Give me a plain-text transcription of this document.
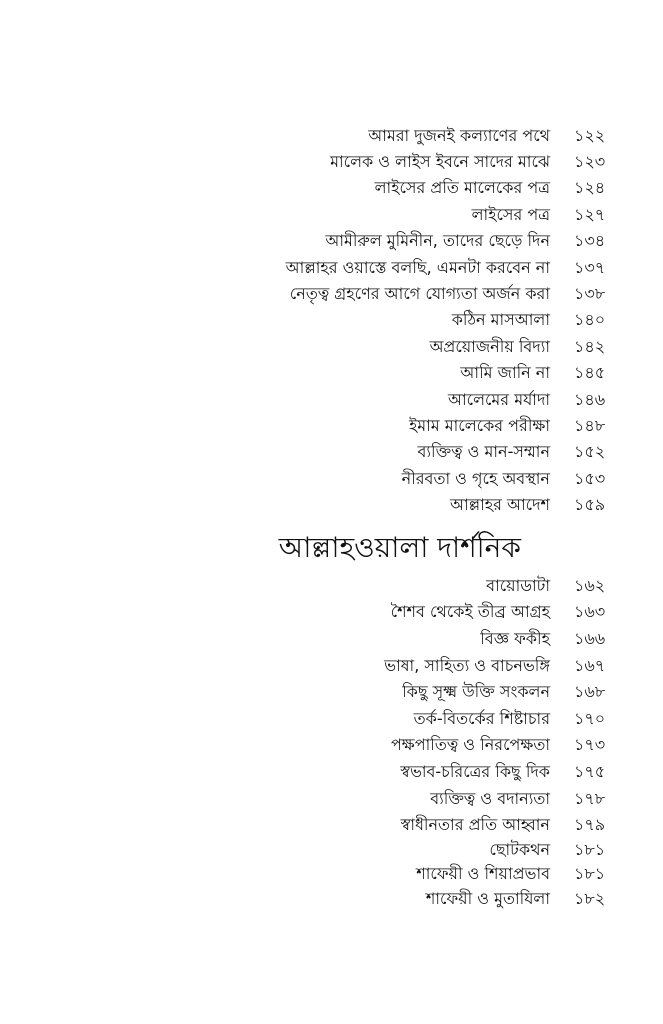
আমরা দুজনই কল্যাণের পথে	১২২
মালেক ও লাইস ইবনে সাদের মাঝে	১২৩
লাইসের প্রতি মালেকের পত্র	১২৪
লাইসের পত্র	১২৭
আমীরুল মুমিনীন, তাদের ছেড়ে দিন	১৩৪
আল্লাহর ওয়াস্তে বলছি, এমনটা করবেন না	১৩৭
নেতৃত্ব গ্রহণের আগে যোগ্যতা অর্জন করা	১৩৮
কঠিন মাসআলা	১৪০
অপ্রয়োজনীয় বিদ্যা	১৪২
আমি জানি না	১৪৫
আলেমের মর্যাদা	১৪৬
ইমাম মালেকের পরীক্ষা	১৪৮
ব্যক্তিত্ব ও মান-সম্মান	১৫২
নীরবতা ও গৃহে অবস্থান	১৫৩
আল্লাহর আদেশ	১৫৯
আল্লাহওয়ালা দার্শনিক
বায়োডাটা	১৬২
শৈশব থেকেই তীব্র আগ্রহ	১৬৩
বিজ্ঞ ফকীহ	১৬৬
ভাষা, সাহিত্য ও বাচনভঙ্গি	১৬৭
কিছু সূক্ষ্ম উক্তি সংকলন	১৬৮
তর্ক-বিতর্কের শিষ্টাচার	১৭০
পক্ষপাতিত্ব ও নিরপেক্ষতা	১৭৩
স্বভাব-চরিত্রের কিছু দিক	১৭৫
ব্যক্তিত্ব ও বদান্যতা	১৭৮
স্বাধীনতার প্রতি আহ্বান	১৭৯
ছোটকথন	১৮১
শাফেয়ী ও শিয়াপ্রভাব	১৮১
শাফেয়ী ও মুতাযিলা	১৮২
